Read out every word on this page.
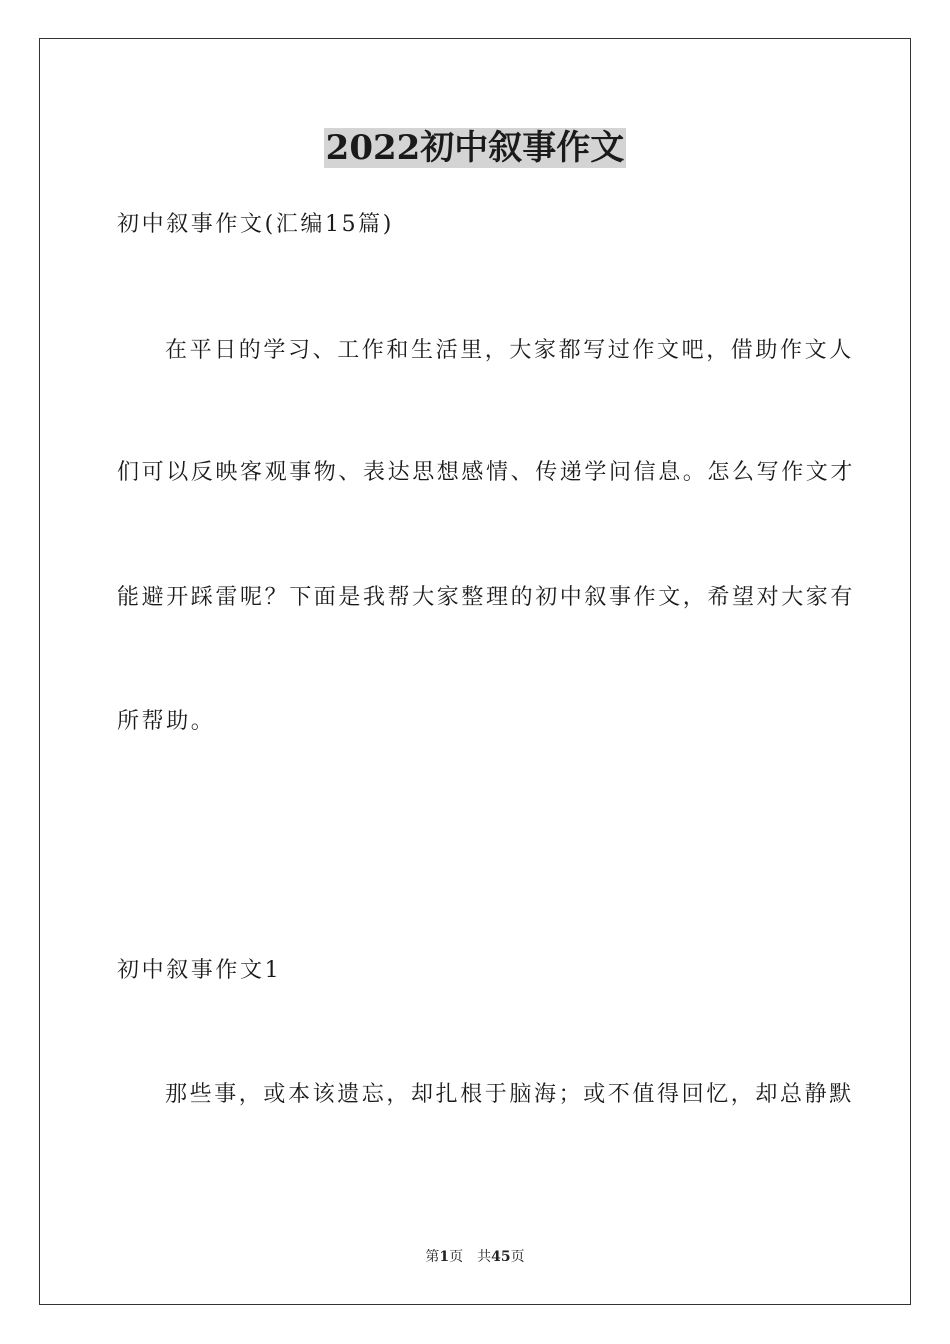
2022初中叙事作文
初中叙事作文(汇编15篇)
在平日的学习、工作和生活里，大家都写过作文吧，借助作文人
们可以反映客观事物、表达思想感情、传递学问信息。怎么写作文才
能避开踩雷呢？下面是我帮大家整理的初中叙事作文，希望对大家有
所帮助。
初中叙事作文1
那些事，或本该遗忘，却扎根于脑海；或不值得回忆，却总静默
第1页　共45页
